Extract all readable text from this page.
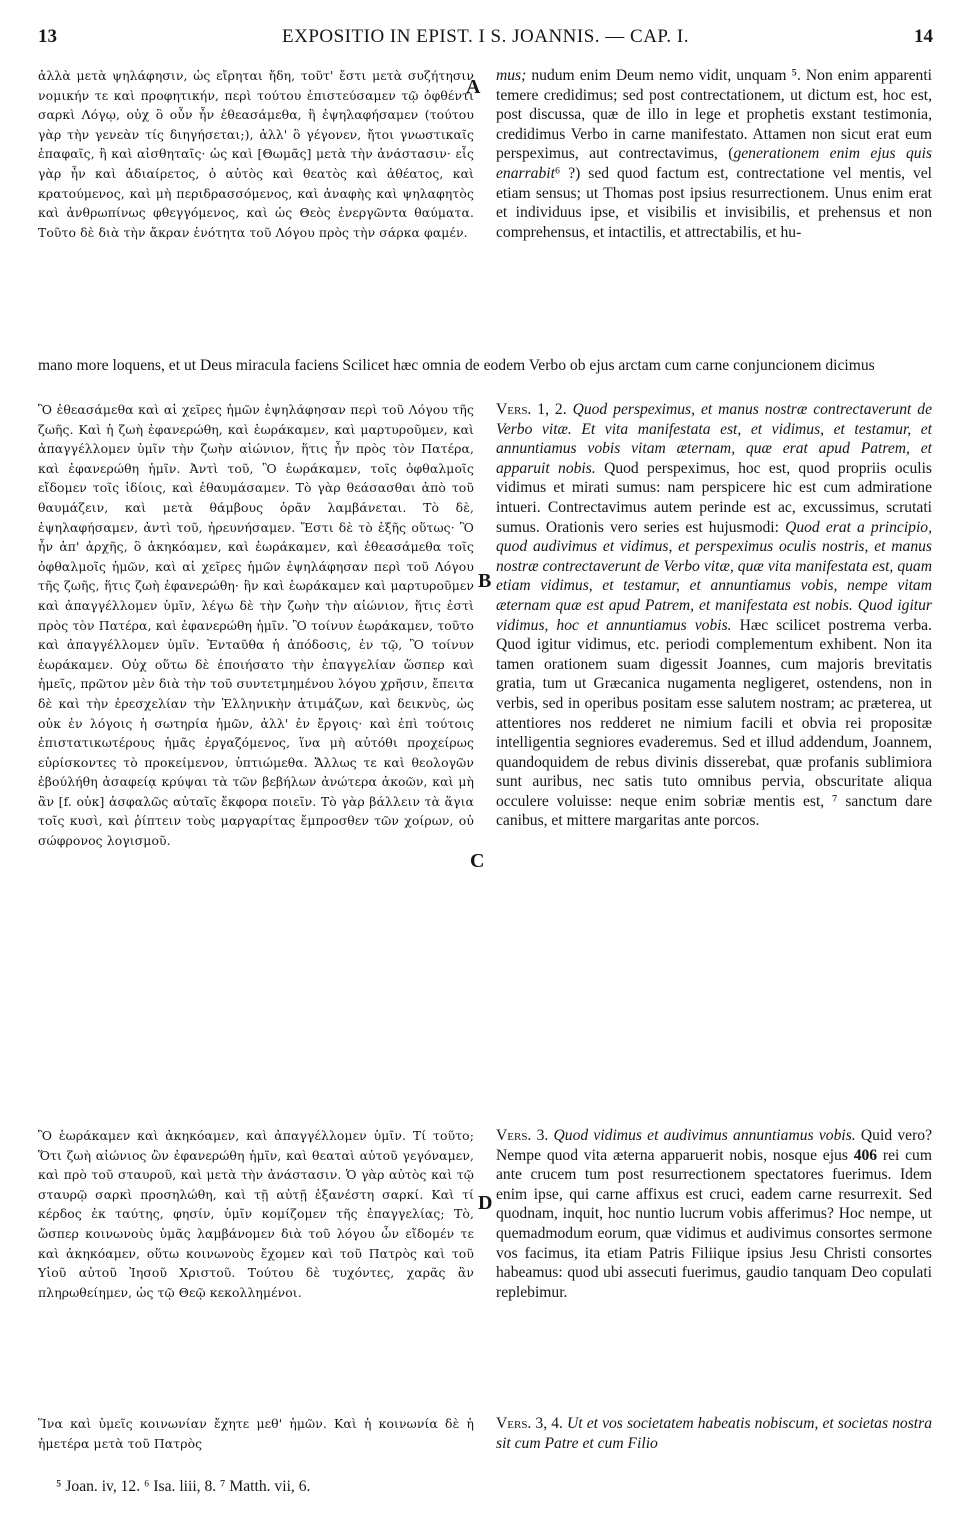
13	EXPOSITIO IN EPIST. I S. JOANNIS. — CAP. I.	14

ἀλλὰ μετὰ ψηλάφησιν, ὡς εἴρηται ἤδη, τοῦτ' ἔστι μετὰ συζήτησιν νομικήν τε καὶ προφητικήν, περὶ τούτου ἐπιστεύσαμεν τῷ ὀφθέντι σαρκὶ Λόγῳ, οὐχ ὃ οὖν ἦν ἐθεασάμεθα, ἢ ἐψηλαφήσαμεν (τούτου γὰρ τὴν γενεὰν τίς διηγήσεται;), ἀλλ' ὃ γέγονεν, ἤτοι γνωστικαῖς ἐπαφαῖς, ἢ καὶ αἰσθηταῖς· ὡς καὶ [Θωμᾶς] μετὰ τὴν ἀνάστασιν· εἷς γὰρ ἦν καὶ ἀδιαίρετος, ὁ αὐτὸς καὶ θεατὸς καὶ ἀθέατος, καὶ κρατούμενος, καὶ μὴ περιδρασσόμενος, καὶ ἀναφὴς καὶ ψηλαφητὸς καὶ ἀνθρωπίνως φθεγγόμενος, καὶ ὡς Θεὸς ἐνεργῶντα θαύματα. Τοῦτο δὲ διὰ τὴν ἄκραν ἑνότητα τοῦ Λόγου πρὸς τὴν σάρκα φαμέν.

A

mus; nudum enim Deum nemo vidit, unquam ⁵. Non enim apparenti temere credidimus; sed post contrectationem, ut dictum est, hoc est, post discussa, quæ de illo in lege et prophetis exstant testimonia, credidimus Verbo in carne manifestato. Attamen non sicut erat eum perspeximus, aut contrectavimus, (generationem enim ejus quis enarrabit⁶ ?) sed quod factum est, contrectatione vel mentis, vel etiam sensus; ut Thomas post ipsius resurrectionem. Unus enim erat et individuus ipse, et visibilis et invisibilis, et prehensus et non comprehensus, et intactilis, et attrectabilis, et hu-

mano more loquens, et ut Deus miracula faciens Scilicet hæc omnia de eodem Verbo ob ejus arctam cum carne conjuncionem dicimus

Ὃ ἐθεασάμεθα καὶ αἱ χεῖρες ἡμῶν ἐψηλάφησαν περὶ τοῦ Λόγου τῆς ζωῆς. Καὶ ἡ ζωὴ ἐφανερώθη, καὶ ἑωράκαμεν, καὶ μαρτυροῦμεν, καὶ ἀπαγγέλλομεν ὑμῖν τὴν ζωὴν αἰώνιον, ἥτις ἦν πρὸς τὸν Πατέρα, καὶ ἐφανερώθη ἡμῖν. Ἀντὶ τοῦ, Ὃ ἑωράκαμεν, τοῖς ὀφθαλμοῖς εἴδομεν τοῖς ἰδίοις, καὶ ἐθαυμάσαμεν. Τὸ γὰρ θεάσασθαι ἀπὸ τοῦ θαυμάζειν, καὶ μετὰ θάμβους ὁρᾶν λαμβάνεται. Τὸ δὲ, ἐψηλαφήσαμεν, ἀντὶ τοῦ, ἠρευνήσαμεν. Ἔστι δὲ τὸ ἑξῆς οὕτως· Ὃ ἦν ἀπ' ἀρχῆς, ὃ ἀκηκόαμεν, καὶ ἑωράκαμεν, καὶ ἐθεασάμεθα τοῖς ὀφθαλμοῖς ἡμῶν, καὶ αἱ χεῖρες ἡμῶν ἐψηλάφησαν περὶ τοῦ Λόγου τῆς ζωῆς, ἥτις ζωὴ ἐφανερώθη· ἣν καὶ ἑωράκαμεν καὶ μαρτυροῦμεν καὶ ἀπαγγέλλομεν ὑμῖν, λέγω δὲ τὴν ζωὴν τὴν αἰώνιον, ἥτις ἐστὶ πρὸς τὸν Πατέρα, καὶ ἐφανερώθη ἡμῖν. Ὃ τοίνυν ἑωράκαμεν, τοῦτο καὶ ἀπαγγέλλομεν ὑμῖν. Ἐνταῦθα ἡ ἀπόδοσις, ἐν τῷ, Ὃ τοίνυν ἑωράκαμεν. Οὐχ οὕτω δὲ ἐποιήσατο τὴν ἐπαγγελίαν ὥσπερ καὶ ἡμεῖς, πρῶτον μὲν διὰ τὴν τοῦ συντετμημένου λόγου χρῆσιν, ἔπειτα δὲ καὶ τὴν ἐρεσχελίαν τὴν Ἑλληνικὴν ἀτιμάζων, καὶ δεικνὺς, ὡς οὐκ ἐν λόγοις ἡ σωτηρία ἡμῶν, ἀλλ' ἐν ἔργοις· καὶ ἐπὶ τούτοις ἐπιστατικωτέρους ἡμᾶς ἐργαζόμενος, ἵνα μὴ αὐτόθι προχείρως εὑρίσκοντες τὸ προκείμενον, ὑπτιώμεθα. Ἄλλως τε καὶ θεολογῶν ἐβούλήθη ἀσαφείᾳ κρύψαι τὰ τῶν βεβήλων ἀνώτερα ἀκοῶν, καὶ μὴ ἂν [f. οὐκ] ἀσφαλῶς αὐταῖς ἔκφορα ποιεῖν. Τὸ γὰρ βάλλειν τὰ ἅγια τοῖς κυσὶ, καὶ ῥίπτειν τοὺς μαργαρίτας ἔμπροσθεν τῶν χοίρων, οὐ σώφρονος λογισμοῦ.

B
C

Vers. 1, 2. Quod perspeximus, et manus nostræ contrectaverunt de Verbo vitæ. Et vita manifestata est, et vidimus, et testamur, et annuntiamus vobis vitam æternam, quæ erat apud Patrem, et apparuit nobis. Quod perspeximus, hoc est, quod propriis oculis vidimus et mirati sumus: nam perspicere hic est cum admiratione intueri. Contrectavimus autem perinde est ac, excussimus, scrutati sumus. Orationis vero series est hujusmodi: Quod erat a principio, quod audivimus et vidimus, et perspeximus oculis nostris, et manus nostræ contrectaverunt de Verbo vitæ, quæ vita manifestata est, quam etiam vidimus, et testamur, et annuntiamus vobis, nempe vitam æternam quæ est apud Patrem, et manifestata est nobis. Quod igitur vidimus, hoc et annuntiamus vobis. Hæc scilicet postrema verba. Quod igitur vidimus, etc. periodi complementum exhibent. Non ita tamen orationem suam digessit Joannes, cum majoris brevitatis gratia, tum ut Græcanica nugamenta negligeret, ostendens, non in verbis, sed in operibus positam esse salutem nostram; ac præterea, ut attentiores nos redderet ne nimium facili et obvia rei propositæ intelligentia segniores evaderemus. Sed et illud addendum, Joannem, quandoquidem de rebus divinis disserebat, quæ profanis sublimiora sunt auribus, nec satis tuto omnibus pervia, obscuritate aliqua occulere voluisse: neque enim sobriæ mentis est, ⁷ sanctum dare canibus, et mittere margaritas ante porcos.

Ὃ ἑωράκαμεν καὶ ἀκηκόαμεν, καὶ ἀπαγγέλλομεν ὑμῖν. Τί τοῦτο; Ὅτι ζωὴ αἰώνιος ὢν ἐφανερώθη ἡμῖν, καὶ θεαταὶ αὐτοῦ γεγόναμεν, καὶ πρὸ τοῦ σταυροῦ, καὶ μετὰ τὴν ἀνάστασιν. Ὁ γὰρ αὐτὸς καὶ τῷ σταυρῷ σαρκὶ προσηλώθη, καὶ τῇ αὐτῇ ἐξανέστη σαρκί. Καὶ τί κέρδος ἐκ ταύτης, φησίν, ὑμῖν κομίζομεν τῆς ἐπαγγελίας; Τὸ, ὥσπερ κοινωνοὺς ὑμᾶς λαμβάνομεν διὰ τοῦ λόγου ὧν εἴδομέν τε καὶ ἀκηκόαμεν, οὕτω κοινωνοὺς ἔχομεν καὶ τοῦ Πατρὸς καὶ τοῦ Υἱοῦ αὐτοῦ Ἰησοῦ Χριστοῦ. Τούτου δὲ τυχόντες, χαρᾶς ἂν πληρωθείημεν, ὡς τῷ Θεῷ κεκολλημένοι.

D

Vers. 3. Quod vidimus et audivimus annuntiamus vobis. Quid vero? Nempe quod vita æterna apparuerit nobis, nosque ejus 406 rei cum ante crucem tum post resurrectionem spectatores fuerimus. Idem enim ipse, qui carne affixus est cruci, eadem carne resurrexit. Sed quodnam, inquit, hoc nuntio lucrum vobis afferimus? Hoc nempe, ut quemadmodum eorum, quæ vidimus et audivimus consortes sermone vos facimus, ita etiam Patris Filiique ipsius Jesu Christi consortes habeamus: quod ubi assecuti fuerimus, gaudio tanquam Deo copulati replebimur.

Ἵνα καὶ ὑμεῖς κοινωνίαν ἔχητε μεθ' ἡμῶν. Καὶ ἡ κοινωνία δὲ ἡ ἡμετέρα μετὰ τοῦ Πατρὸς

Vers. 3, 4. Ut et vos societatem habeatis nobiscum, et societas nostra sit cum Patre et cum Filio

⁵ Joan. iv, 12. ⁶ Isa. liii, 8. ⁷ Matth. vii, 6.
